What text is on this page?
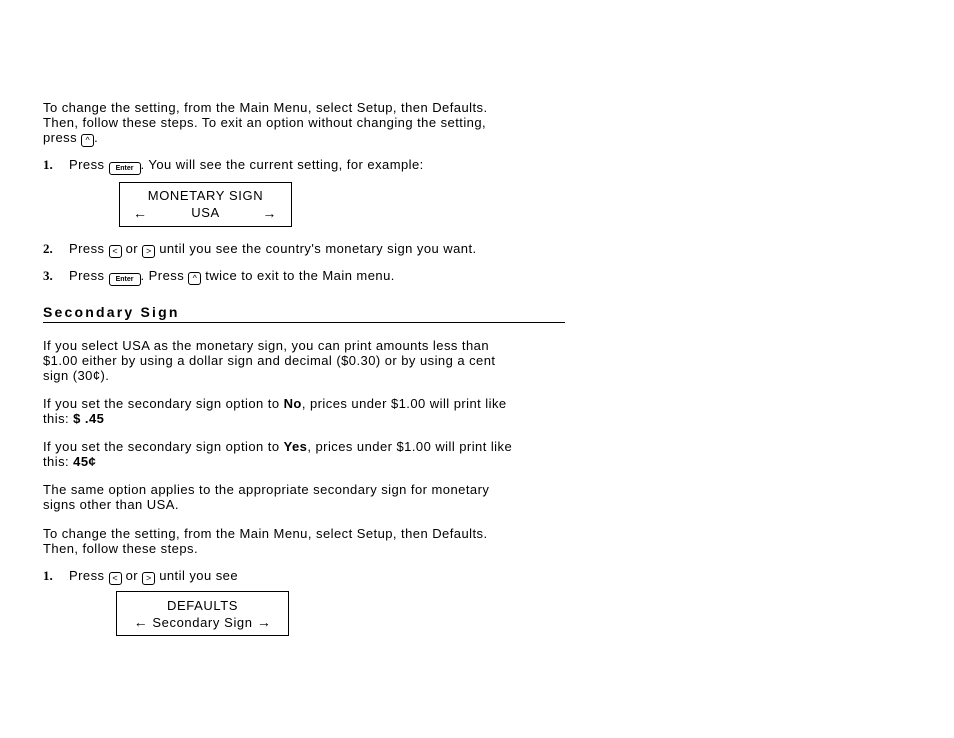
To change the setting, from the Main Menu, select Setup, then Defaults.
Then, follow these steps. To exit an option without changing the setting,
press ^ .
1. Press Enter . You will see the current setting, for example:
MONETARY SIGN
←	USA	→
2. Press < or > until you see the country's monetary sign you want.
3. Press Enter . Press ^ twice to exit to the Main menu.
Secondary Sign
If you select USA as the monetary sign, you can print amounts less than
$1.00 either by using a dollar sign and decimal ($0.30) or by using a cent
sign (30¢).
If you set the secondary sign option to No, prices under $1.00 will print like
this: $ .45
If you set the secondary sign option to Yes, prices under $1.00 will print like
this: 45¢
The same option applies to the appropriate secondary sign for monetary
signs other than USA.
To change the setting, from the Main Menu, select Setup, then Defaults.
Then, follow these steps.
1. Press < or > until you see
DEFAULTS
← Secondary Sign →
